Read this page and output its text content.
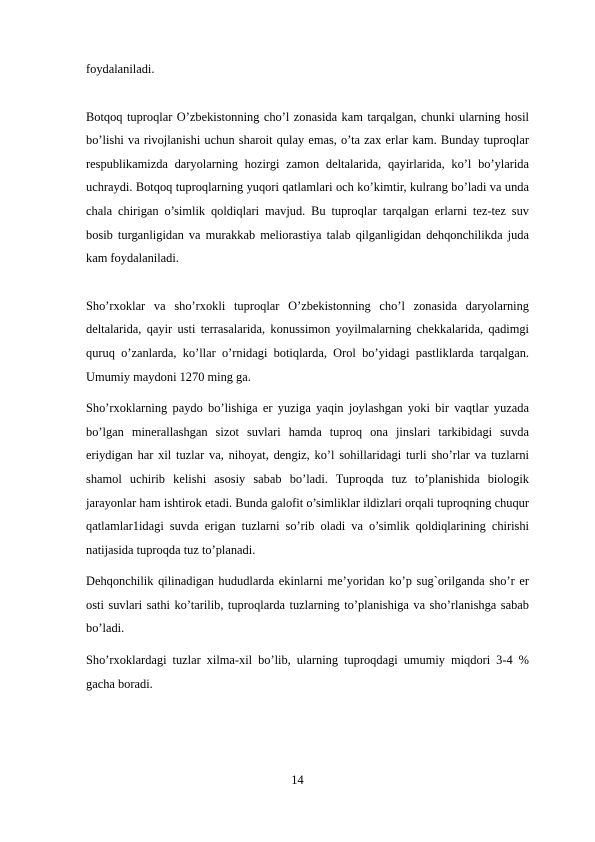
foydalaniladi.

Botqoq tuproqlar O’zbekistonning cho’l zonasida kam tarqalgan, chunki ularning hosil bo’lishi va rivojlanishi uchun sharoit qulay emas, o’ta zax erlar kam. Bunday tuproqlar respublikamizda daryolarning hozirgi zamon deltalarida, qayirlarida, ko’l bo’ylarida uchraydi. Botqoq tuproqlarning yuqori qatlamlari och ko’kimtir, kulrang bo’ladi va unda chala chirigan o’simlik qoldiqlari mavjud. Bu tuproqlar tarqalgan erlarni tez-tez suv bosib turganligidan va murakkab meliorastiya talab qilganligidan dehqonchilikda juda kam foydalaniladi.

Sho’rxoklar va sho’rxokli tuproqlar O’zbekistonning cho’l zonasida daryolarning deltalarida, qayir usti terrasalarida, konussimon yoyilmalarning chekkalarida, qadimgi quruq o’zanlarda, ko’llar o’rnidagi botiqlarda, Orol bo’yidagi pastliklarda tarqalgan. Umumiy maydoni 1270 ming ga.

Sho’rxoklarning paydo bo’lishiga er yuziga yaqin joylashgan yoki bir vaqtlar yuzada bo’lgan minerallashgan sizot suvlari hamda tuproq ona jinslari tarkibidagi suvda eriydigan har xil tuzlar va, nihoyat, dengiz, ko’l sohillaridagi turli sho’rlar va tuzlarni shamol uchirib kelishi asosiy sabab bo’ladi. Tuproqda tuz to’planishida biologik jarayonlar ham ishtirok etadi. Bunda galofit o’simliklar ildizlari orqali tuproqning chuqur qatlamlar1idagi suvda erigan tuzlarni so’rib oladi va o’simlik qoldiqlarining chirishi natijasida tuproqda tuz to’planadi.

Dehqonchilik qilinadigan hududlarda ekinlarni me’yoridan ko’p sug`orilganda sho’r er osti suvlari sathi ko’tarilib, tuproqlarda tuzlarning to’planishiga va sho’rlanishga sabab bo’ladi.

Sho’rxoklardagi tuzlar xilma-xil bo’lib, ularning tuproqdagi umumiy miqdori 3-4 % gacha boradi.

14
